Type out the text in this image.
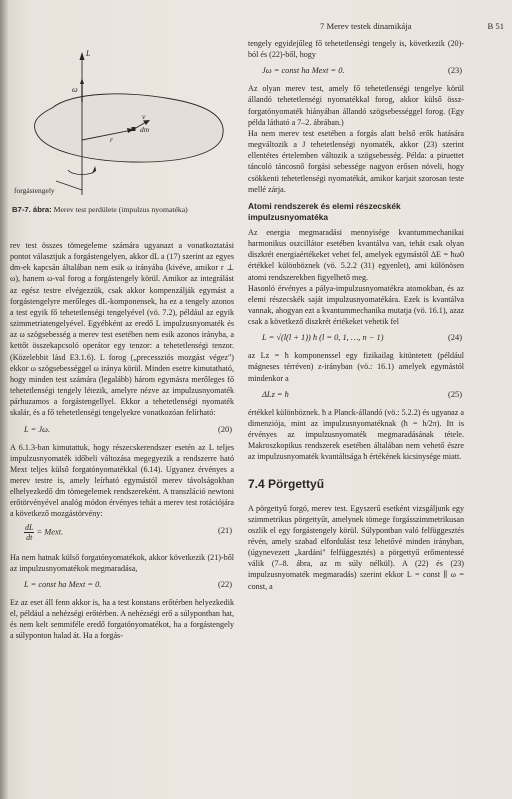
7 Merev testek dinamikája	B 51
L
ω
r
v
dm
forgástengely
B7-7. ábra: Merev test perdülete (impulzus nyomatéka)

rev test összes tömegeleme számára ugyanazt a vonatkoztatási pontot választjuk a forgástengelyen, akkor dL a (17) szerint az egyes dm-ek kapcsán általában nem esik ω irányába (kivéve, amikor r ⊥ ω), hanem ω-val forog a forgástengely körül. Amikor az integrálást az egész testre elvégezzük, csak akkor kompenzálják egymást a forgástengelyre merőleges dL-komponensek, ha ez a tengely azonos a test egyik fő tehetetlenségi tengelyével (vö. 7.2), például az egyik szimmetriatengelyével. Egyébként az eredő L impulzusnyomaték és az ω szögsebesség a merev test esetében nem esik azonos irányba, a kettőt összekapcsoló operátor egy tenzor: a tehetetlenségi tenzor. (Közelebbit lásd E3.1.6). L forog („precessziós mozgást végez") ekkor ω szögsebességgel ω iránya körül. Minden esetre kimutatható, hogy minden test számára (legalább) három egymásra merőleges fő tehetetlenségi tengely létezik, amelyre nézve az impulzusnyomaték párhuzamos a forgástengellyel. Ekkor a tehetetlenségi nyomaték skalár, és a fő tehetetlenségi tengelyekre vonatkozóan felírható:

L = Jω.	(20)

A 6.1.3-ban kimutattuk, hogy részecskerendszer esetén az L teljes impulzusnyomaték időbeli változása megegyezik a rendszerre ható Mext teljes külső forgatónyomatékkal (6.14). Ugyanez érvényes a merev testre is, amely leírható egymástól merev távolságokban elhelyezkedő dm tömegelemek rendszereként. A transzláció newtoni erőtörvényével analóg módon érvényes tehát a merev test rotációjára a következő mozgástörvény:

$\frac{dL}{dt}$ = Mext.	(21)

Ha nem hatnak külső forgatónyomatékok, akkor következik (21)-ből az impulzusnyomatékok megmaradása,

L = const ha Mext = 0.	(22)

Ez az eset áll fenn akkor is, ha a test konstans erőtérben helyezkedik el, például a nehézségi erőtérben. A nehézségi erő a súlypontban hat, és nem kelt semmiféle eredő forgatónyomatékot, ha a forgástengely a súlyponton halad át. Ha a forgás-

tengely egyidejűleg fő tehetetlenségi tengely is, következik (20)-ból és (22)-ből, hogy

Jω = const ha Mext = 0.	(23)

Az olyan merev test, amely fő tehetetlenségi tengelye körül állandó tehetetlenségi nyomatékkal forog, akkor külső össz-forgatónyomaték hiányában állandó szögsebességgel forog. (Egy példa látható a 7–2. ábrában.)

Ha nem merev test esetében a forgás alatt belső erők hatására megváltozik a J tehetetlenségi nyomaték, akkor (23) szerint ellentétes értelemben változik a szögsebesség. Példa: a piruettet táncoló táncosnő forgási sebessége nagyon erősen növeli, hogy csökkenti tehetetlenségi nyomatékát, amikor karjait szorosan teste mellé zárja.

Atomi rendszerek és elemi részecskék impulzusnyomatéka

Az energia megmaradási mennyisége kvantummechanikai harmonikus oszcillátor esetében kvantálva van, tehát csak olyan diszkrét energiaértékeket vehet fel, amelyek egymástól ΔE = ħω0 értékkel különböznek (vö. 5.2.2 (31) egyenlet), ami különösen atomi rendszerekben figyelhető meg.

Hasonló érvényes a pálya-impulzusnyomatékra atomokban, és az elemi részecskék saját impulzusnyomatékára. Ezek is kvantálva vannak, ahogyan ezt a kvantummechanika mutatja (vö. 16.1), azaz csak a következő diszkrét értékeket vehetik fel

L = √(l(l + 1)) ħ (l = 0, 1, …, n − 1)	(24)

az Lz = ħ komponenssel egy fizikailag kitüntetett (például mágneses térréven) z-irányban (vö.: 16.1) amelyek egymástól mindenkor a

ΔLz = ħ	(25)

értékkel különböznek. ħ a Planck-állandó (vö.: 5.2.2) és ugyanaz a dimenziója, mint az impulzusnyomatéknak (ħ = h/2π). Itt is érvényes az impulzusnyomaték megmaradásának tétele. Makroszkopikus rendszerek esetében általában nem vehető észre az impulzusnyomaték kvantáltsága ħ értékének kicsinysége miatt.

7.4 Pörgettyű

A pörgettyű forgó, merev test. Egyszerű esetként vizsgáljunk egy szimmetrikus pörgettyűt, amelynek tömege forgásszimmetrikusan oszlik el egy forgástengely körül. Súlypontban való felfüggesztés révén, amely szabad elfordulást tesz lehetővé minden irányban, (úgynevezett „kardáni" felfüggesztés) a pörgettyű erőmentessé válik (7–8. ábra, az m súly nélkül). A (22) és (23) impulzusnyomaték megmaradás) szerint ekkor L = const ∥ ω = const, a
